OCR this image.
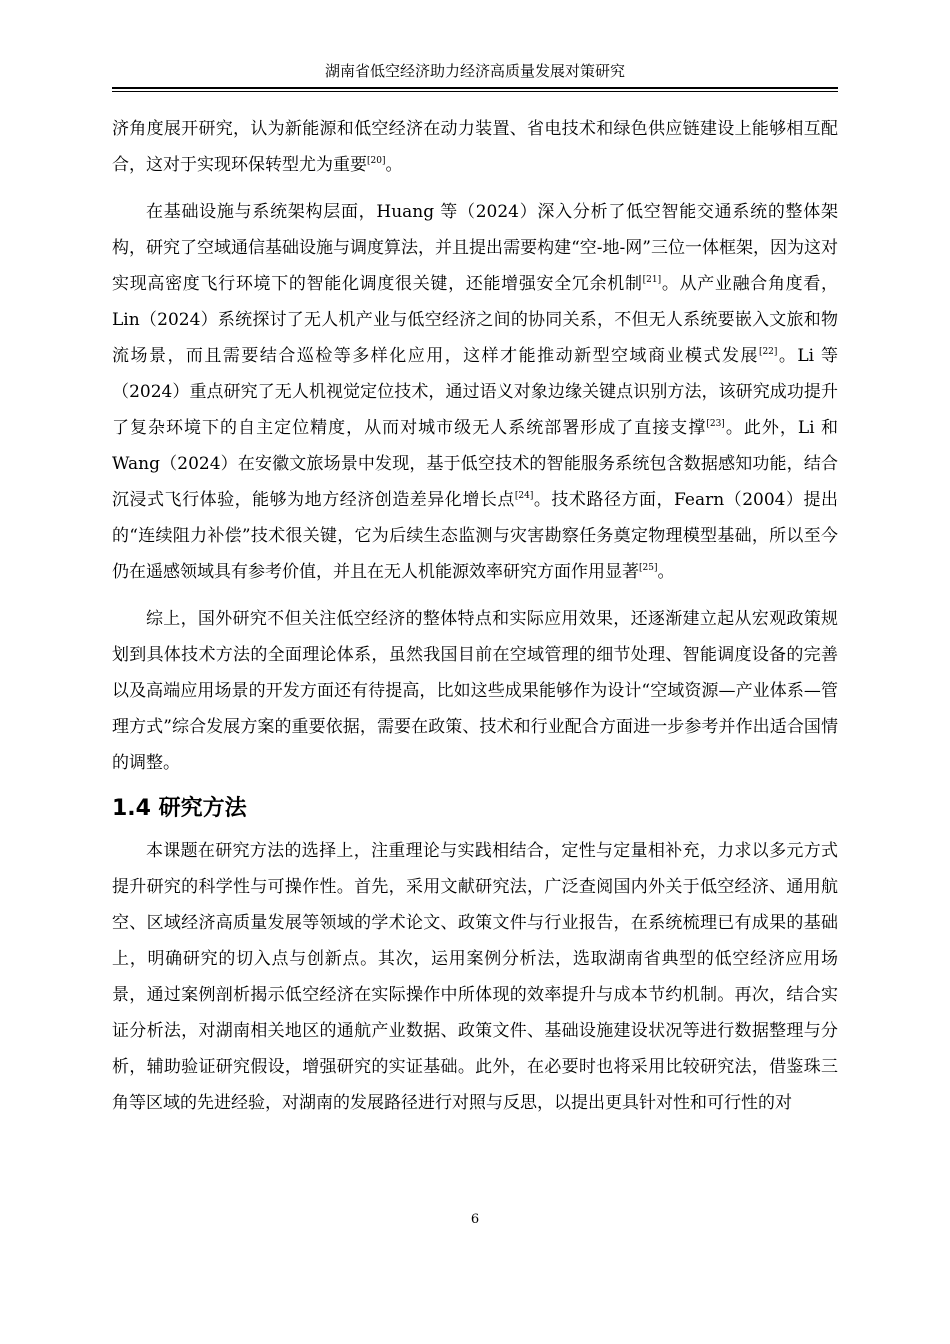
湖南省低空经济助力经济高质量发展对策研究

济角度展开研究，认为新能源和低空经济在动力装置、省电技术和绿色供应链建设上能够相互配合，这对于实现环保转型尤为重要[20]。

在基础设施与系统架构层面，Huang 等（2024）深入分析了低空智能交通系统的整体架构，研究了空域通信基础设施与调度算法，并且提出需要构建“空-地-网”三位一体框架，因为这对实现高密度飞行环境下的智能化调度很关键，还能增强安全冗余机制[21]。从产业融合角度看，Lin（2024）系统探讨了无人机产业与低空经济之间的协同关系，不但无人系统要嵌入文旅和物流场景，而且需要结合巡检等多样化应用，这样才能推动新型空域商业模式发展[22]。Li 等（2024）重点研究了无人机视觉定位技术，通过语义对象边缘关键点识别方法，该研究成功提升了复杂环境下的自主定位精度，从而对城市级无人系统部署形成了直接支撑[23]。此外，Li 和 Wang（2024）在安徽文旅场景中发现，基于低空技术的智能服务系统包含数据感知功能，结合沉浸式飞行体验，能够为地方经济创造差异化增长点[24]。技术路径方面，Fearn（2004）提出的“连续阻力补偿”技术很关键，它为后续生态监测与灾害勘察任务奠定物理模型基础，所以至今仍在遥感领域具有参考价值，并且在无人机能源效率研究方面作用显著[25]。

综上，国外研究不但关注低空经济的整体特点和实际应用效果，还逐渐建立起从宏观政策规划到具体技术方法的全面理论体系，虽然我国目前在空域管理的细节处理、智能调度设备的完善以及高端应用场景的开发方面还有待提高，比如这些成果能够作为设计“空域资源—产业体系—管理方式”综合发展方案的重要依据，需要在政策、技术和行业配合方面进一步参考并作出适合国情的调整。

1.4 研究方法

本课题在研究方法的选择上，注重理论与实践相结合，定性与定量相补充，力求以多元方式提升研究的科学性与可操作性。首先，采用文献研究法，广泛查阅国内外关于低空经济、通用航空、区域经济高质量发展等领域的学术论文、政策文件与行业报告，在系统梳理已有成果的基础上，明确研究的切入点与创新点。其次，运用案例分析法，选取湖南省典型的低空经济应用场景，通过案例剖析揭示低空经济在实际操作中所体现的效率提升与成本节约机制。再次，结合实证分析法，对湖南相关地区的通航产业数据、政策文件、基础设施建设状况等进行数据整理与分析，辅助验证研究假设，增强研究的实证基础。此外，在必要时也将采用比较研究法，借鉴珠三角等区域的先进经验，对湖南的发展路径进行对照与反思，以提出更具针对性和可行性的对

6
